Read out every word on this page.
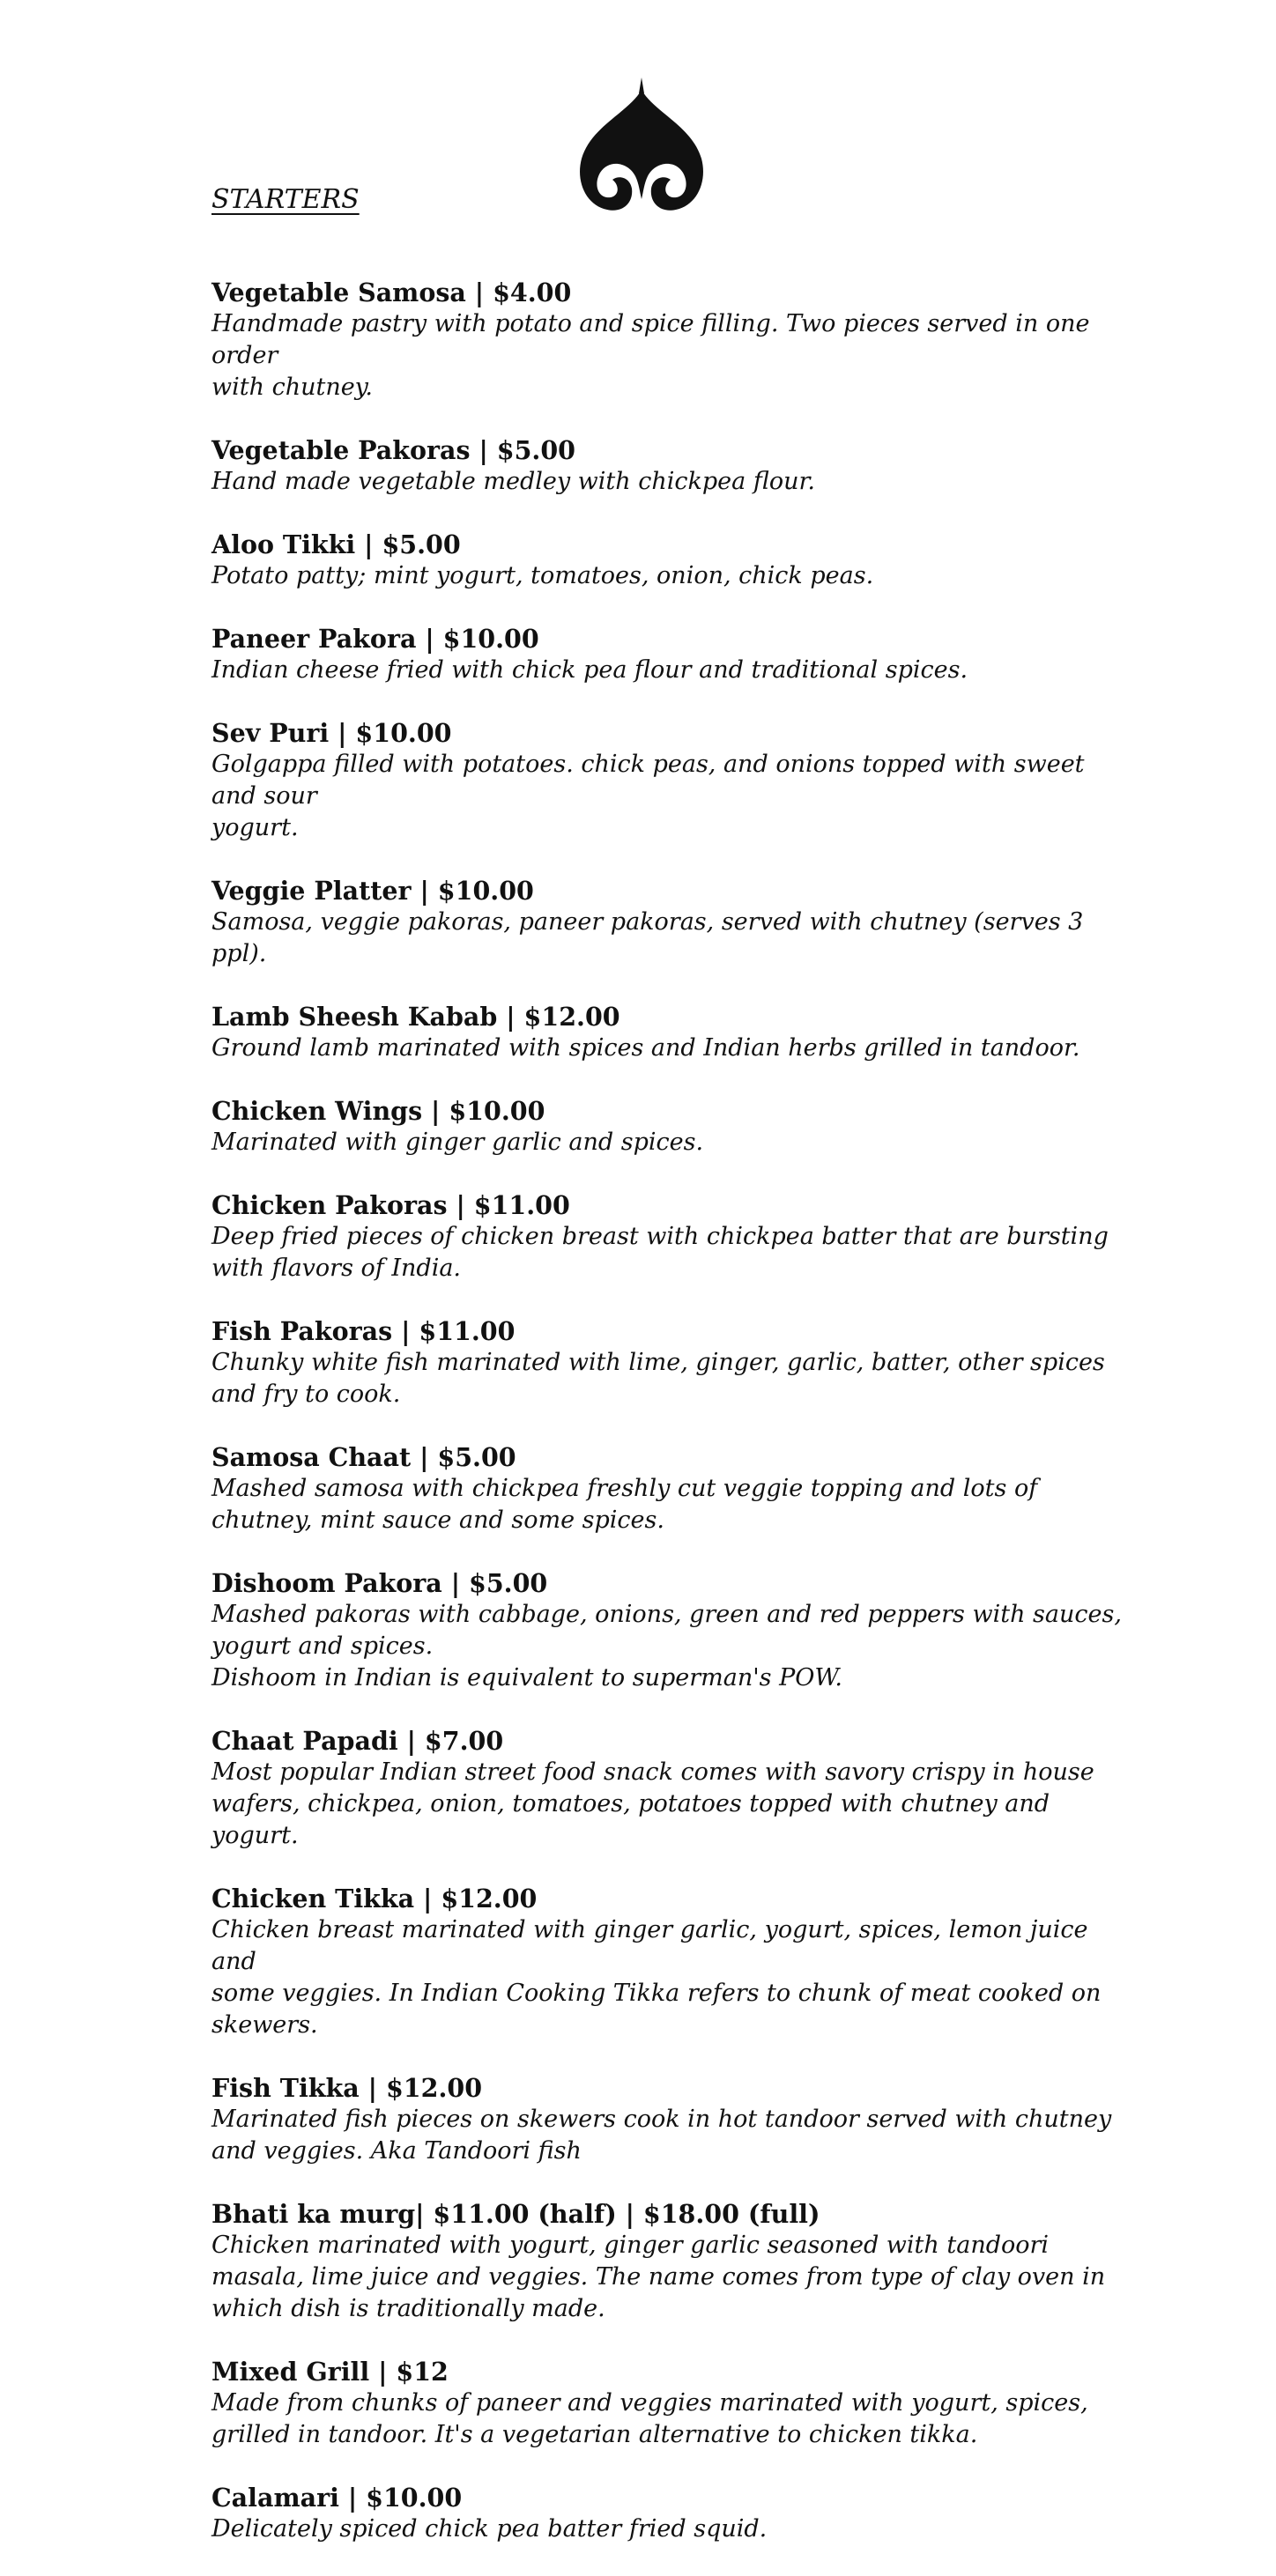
STARTERS

Vegetable Samosa | $4.00

Handmade pastry with potato and spice filling. Two pieces served in one order

with chutney.

Vegetable Pakoras | $5.00

Hand made vegetable medley with chickpea flour.

Aloo Tikki | $5.00

Potato patty; mint yogurt, tomatoes, onion, chick peas.

Paneer Pakora | $10.00

Indian cheese fried with chick pea flour and traditional spices.

Sev Puri | $10.00

Golgappa filled with potatoes. chick peas, and onions topped with sweet and sour

yogurt.

Veggie Platter | $10.00

Samosa, veggie pakoras, paneer pakoras, served with chutney (serves 3 ppl).

Lamb Sheesh Kabab | $12.00

Ground lamb marinated with spices and Indian herbs grilled in tandoor.

Chicken Wings | $10.00

Marinated with ginger garlic and spices.

Chicken Pakoras | $11.00

Deep fried pieces of chicken breast with chickpea batter that are bursting

with flavors of India.

Fish Pakoras | $11.00

Chunky white fish marinated with lime, ginger, garlic, batter, other spices

and fry to cook.

Samosa Chaat | $5.00

Mashed samosa with chickpea freshly cut veggie topping and lots of

chutney, mint sauce and some spices.

Dishoom Pakora | $5.00

Mashed pakoras with cabbage, onions, green and red peppers with sauces,

yogurt and spices.

Dishoom in Indian is equivalent to superman's POW.

Chaat Papadi | $7.00

Most popular Indian street food snack comes with savory crispy in house

wafers, chickpea, onion, tomatoes, potatoes topped with chutney and

yogurt.

Chicken Tikka | $12.00

Chicken breast marinated with ginger garlic, yogurt, spices, lemon juice and

some veggies. In Indian Cooking Tikka refers to chunk of meat cooked on

skewers.

Fish Tikka | $12.00

Marinated fish pieces on skewers cook in hot tandoor served with chutney

and veggies. Aka Tandoori fish

Bhati ka murg| $11.00 (half) | $18.00 (full)

Chicken marinated with yogurt, ginger garlic seasoned with tandoori

masala, lime juice and veggies. The name comes from type of clay oven in

which dish is traditionally made.

Mixed Grill | $12

Made from chunks of paneer and veggies marinated with yogurt, spices,

grilled in tandoor. It's a vegetarian alternative to chicken tikka.

Calamari | $10.00

Delicately spiced chick pea batter fried squid.
